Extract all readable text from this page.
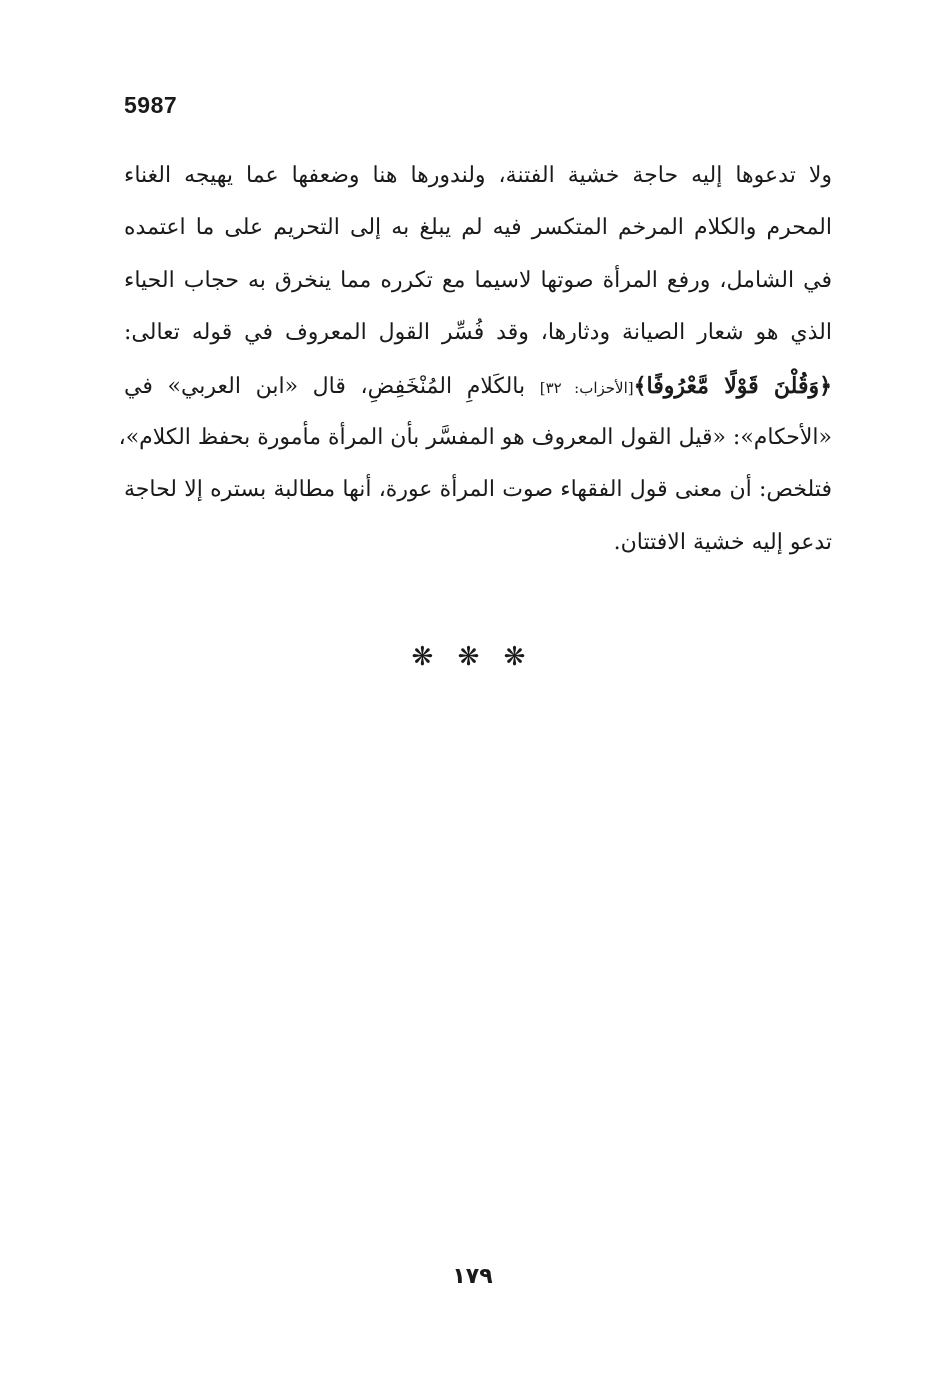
5987
ولا تدعوها إليه حاجة خشية الفتنة، ولندورها هنا وضعفها عما يهيجه الغناء
المحرم والكلام المرخم المتكسر فيه لم يبلغ به إلى التحريم على ما اعتمده
في الشامل، ورفع المرأة صوتها لاسيما مع تكرره مما ينخرق به حجاب الحياء
الذي هو شعار الصيانة ودثارها، وقد فُسِّر القول المعروف في قوله تعالى:
﴿وَقُلْنَ قَوْلًا مَّعْرُوفًا﴾[الأحزاب: ٣٢] بالكَلامِ المُنْخَفِضِ، قال «ابن العربي» في
«الأحكام»: «قيل القول المعروف هو المفسَّر بأن المرأة مأمورة بحفظ الكلام»،
فتلخص: أن معنى قول الفقهاء صوت المرأة عورة، أنها مطالبة بستره إلا لحاجة
تدعو إليه خشية الافتتان.
❋ ❋ ❋
١٧٩
